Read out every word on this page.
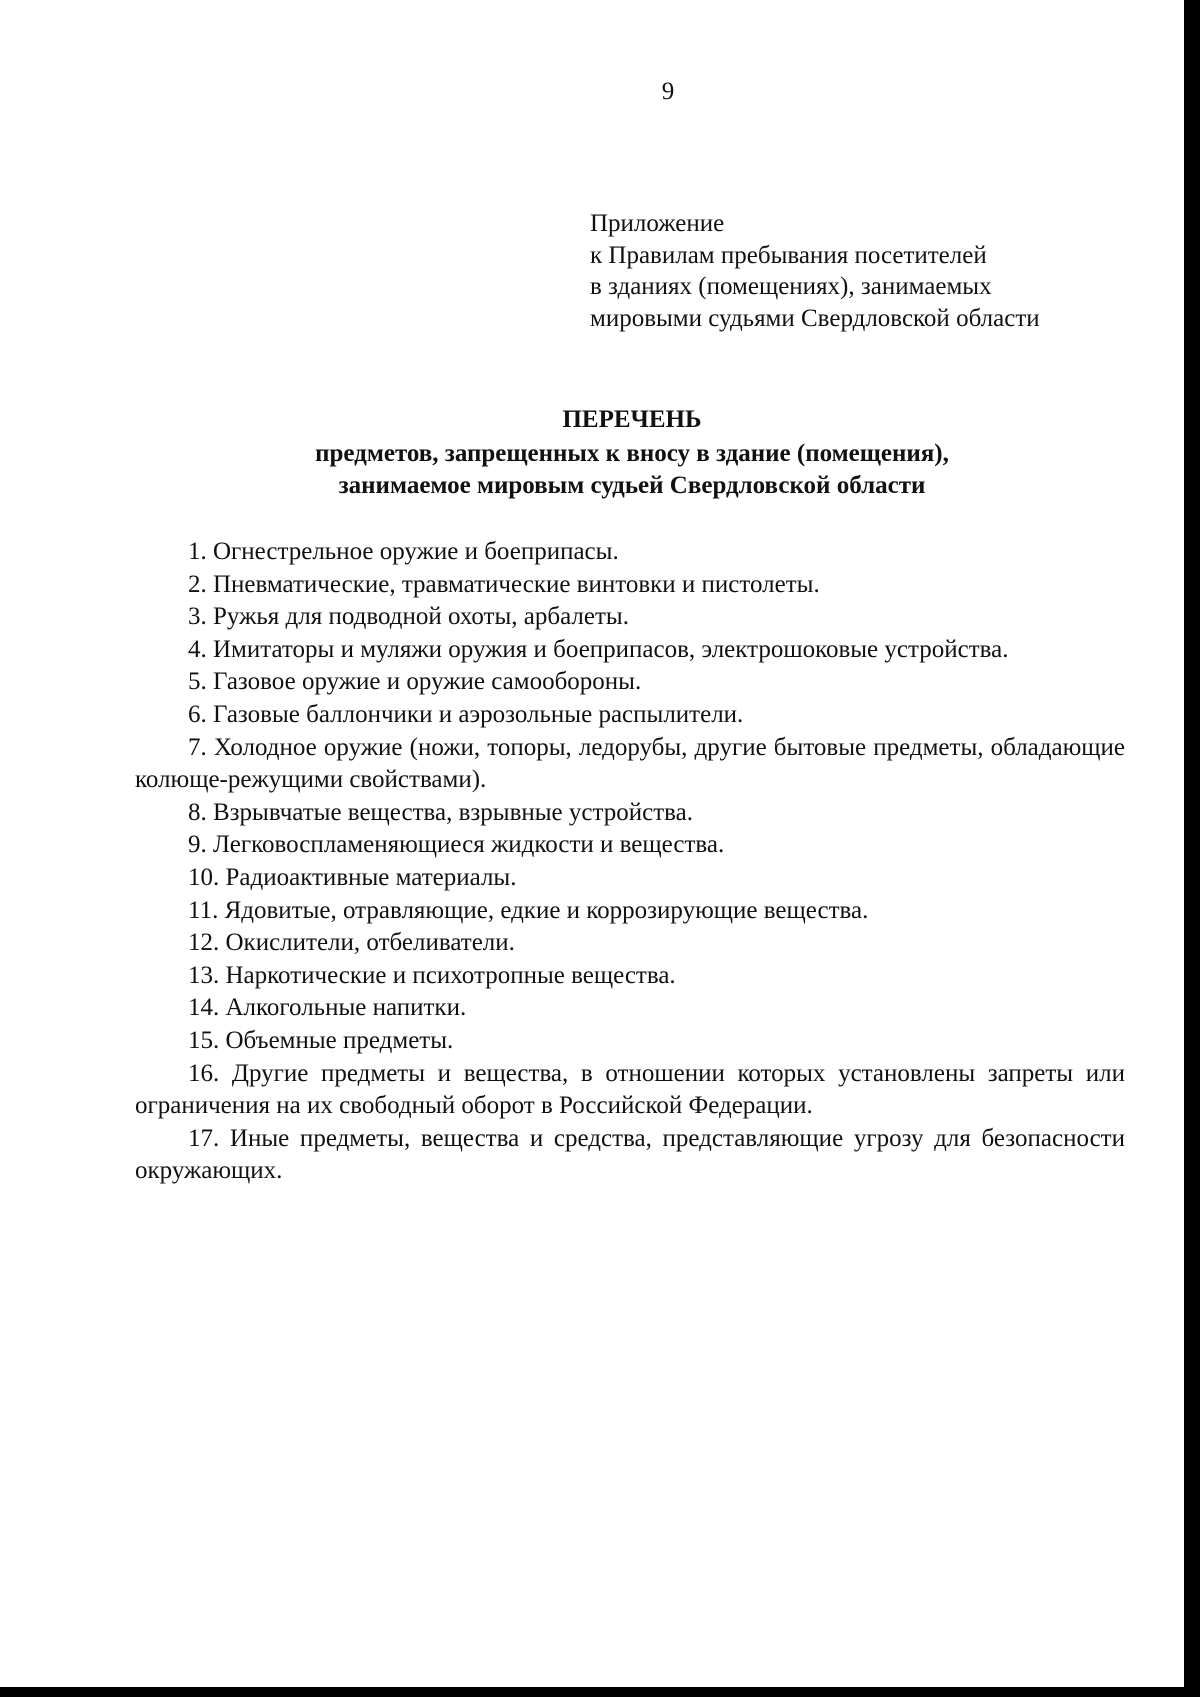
9
Приложение
к Правилам пребывания посетителей
в зданиях (помещениях), занимаемых
мировыми судьями Свердловской области
ПЕРЕЧЕНЬ
предметов, запрещенных к вносу в здание (помещения),
занимаемое мировым судьей Свердловской области
1. Огнестрельное оружие и боеприпасы.
2. Пневматические, травматические винтовки и пистолеты.
3. Ружья для подводной охоты, арбалеты.
4. Имитаторы и муляжи оружия и боеприпасов, электрошоковые устройства.
5. Газовое оружие и оружие самообороны.
6. Газовые баллончики и аэрозольные распылители.
7. Холодное оружие (ножи, топоры, ледорубы, другие бытовые предметы, обладающие колюще-режущими свойствами).
8. Взрывчатые вещества, взрывные устройства.
9. Легковоспламеняющиеся жидкости и вещества.
10. Радиоактивные материалы.
11. Ядовитые, отравляющие, едкие и коррозирующие вещества.
12. Окислители, отбеливатели.
13. Наркотические и психотропные вещества.
14. Алкогольные напитки.
15. Объемные предметы.
16. Другие предметы и вещества, в отношении которых установлены запреты или ограничения на их свободный оборот в Российской Федерации.
17. Иные предметы, вещества и средства, представляющие угрозу для безопасности окружающих.
